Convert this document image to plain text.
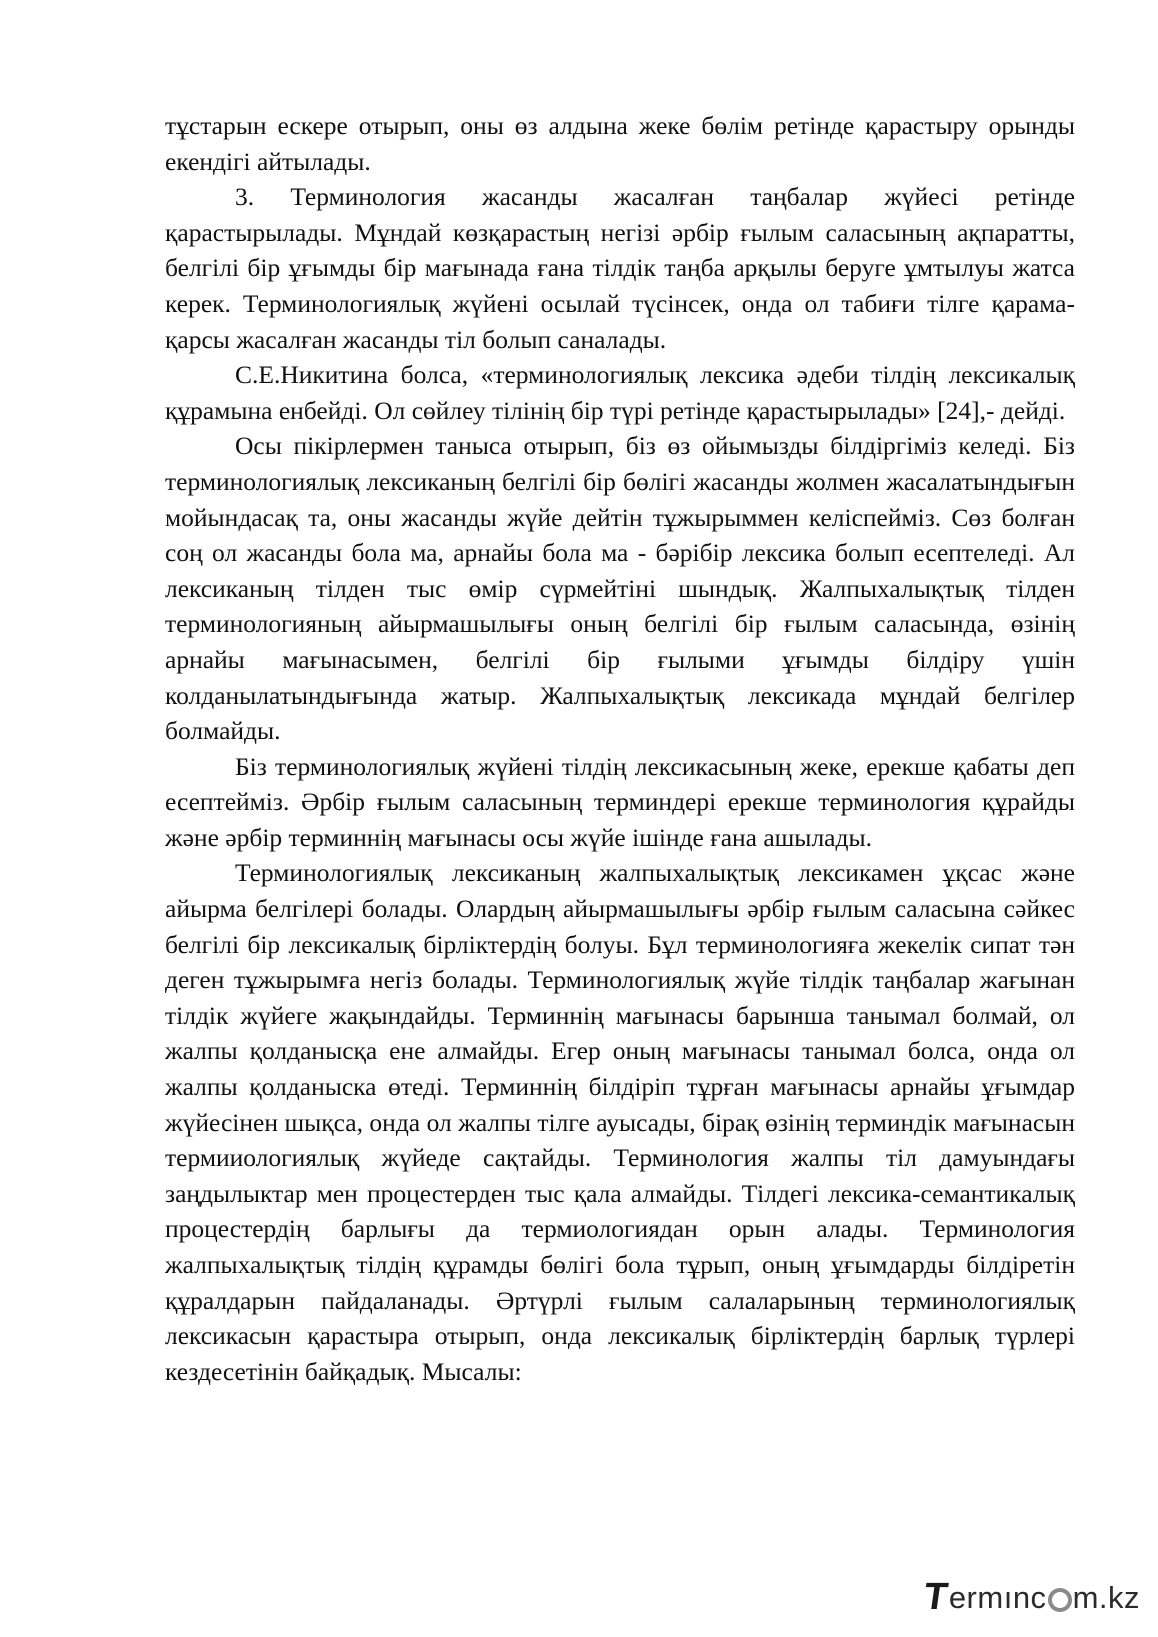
тұстарын ескере отырып, оны өз алдына жеке бөлім ретінде қарастыру орынды екендігі айтылады.

3. Терминология жасанды жасалған таңбалар жүйесі ретінде қарастырылады. Мұндай көзқарастың негізі әрбір ғылым саласының ақпаратты, белгілі бір ұғымды бір мағынада ғана тілдік таңба арқылы беруге ұмтылуы жатса керек. Терминологиялық жүйені осылай түсінсек, онда ол табиғи тілге қарама-қарсы жасалған жасанды тіл болып саналады.

С.Е.Никитина болса, «терминологиялық лексика әдеби тілдің лексикалық құрамына енбейді. Ол сөйлеу тілінің бір түрі ретінде қарастырылады» [24],- дейді.

Осы пікірлермен таныса отырып, біз өз ойымызды білдіргіміз келеді. Біз терминологиялық лексиканың белгілі бір бөлігі жасанды жолмен жасалатындығын мойындасақ та, оны жасанды жүйе дейтін тұжырыммен келіспейміз. Сөз болған соң ол жасанды бола ма, арнайы бола ма - бәрібір лексика болып есептеледі. Ал лексиканың тілден тыс өмір сүрмейтіні шындық. Жалпыхалықтық тілден терминологияның айырмашылығы оның белгілі бір ғылым саласында, өзінің арнайы мағынасымен, белгілі бір ғылыми ұғымды білдіру үшін колданылатындығында жатыр. Жалпыхалықтық лексикада мұндай белгілер болмайды.

Біз терминологиялық жүйені тілдің лексикасының жеке, ерекше қабаты деп есептейміз. Әрбір ғылым саласының терминдері ерекше терминология құрайды және әрбір терминнің мағынасы осы жүйе ішінде ғана ашылады.

Терминологиялық лексиканың жалпыхалықтық лексикамен ұқсас және айырма белгілері болады. Олардың айырмашылығы әрбір ғылым саласына сәйкес белгілі бір лексикалық бірліктердің болуы. Бұл терминологияға жекелік сипат тән деген тұжырымға негіз болады. Терминологиялық жүйе тілдік таңбалар жағынан тілдік жүйеге жақындайды. Терминнің мағынасы барынша танымал болмай, ол жалпы қолданысқа ене алмайды. Егер оның мағынасы танымал болса, онда ол жалпы қолданыска өтеді. Терминнің білдіріп тұрған мағынасы арнайы ұғымдар жүйесінен шықса, онда ол жалпы тілге ауысады, бірақ өзінің терминдік мағынасын термииологиялық жүйеде сақтайды. Терминология жалпы тіл дамуындағы заңдылыктар мен процестерден тыс қала алмайды. Тілдегі лексика-семантикалық процестердің барлығы да термиологиядан орын алады. Терминология жалпыхалықтық тілдің құрамды бөлігі бола тұрып, оның ұғымдарды білдіретін құралдарын пайдаланады. Әртүрлі ғылым салаларының терминологиялық лексикасын қарастыра отырып, онда лексикалық бірліктердің барлық түрлері кездесетінін байқадық. Мысалы:

T
ermınc m.kz
